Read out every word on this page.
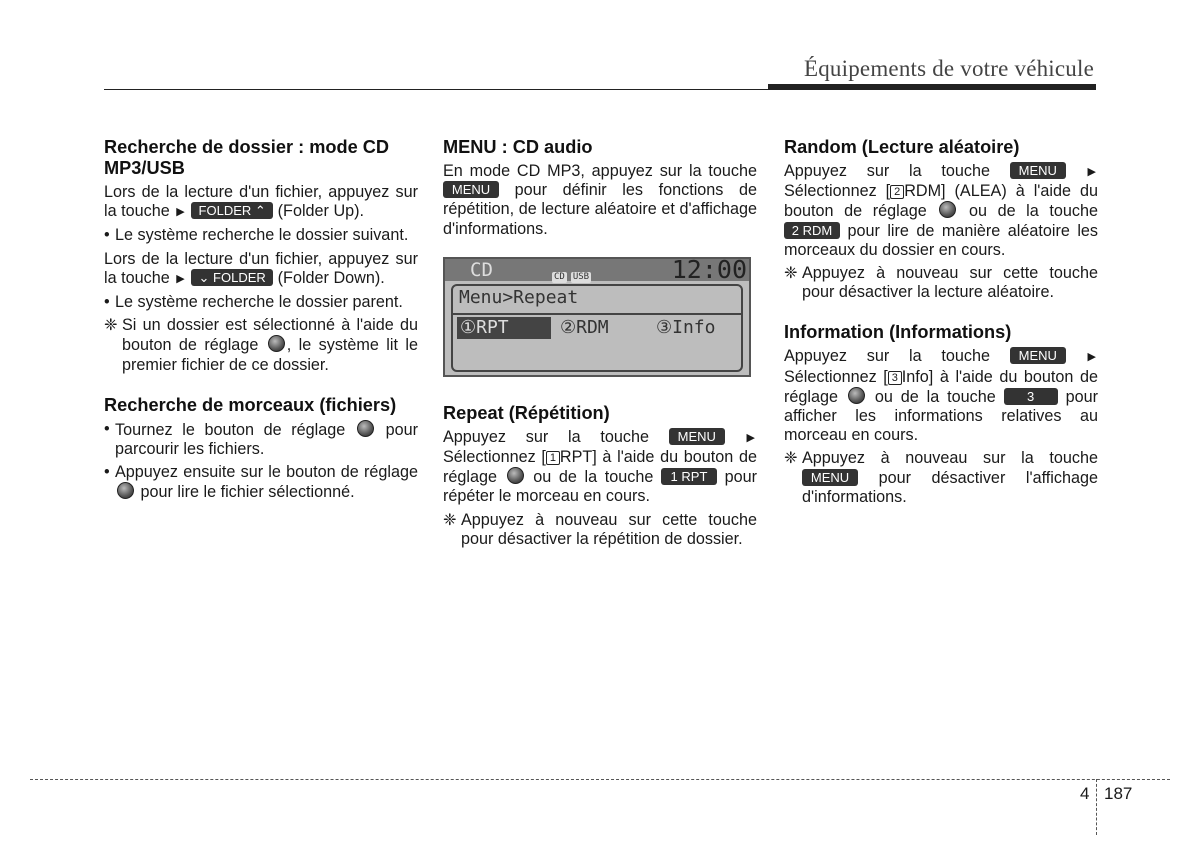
Équipements de votre véhicule
Recherche de dossier : mode CD MP3/USB

Lors de la lecture d'un fichier, appuyez sur la touche ▶ FOLDER ⌃ (Folder Up).

• Le système recherche le dossier suivant.

Lors de la lecture d'un fichier, appuyez sur la touche ▶ ⌄ FOLDER (Folder Down).

• Le système recherche le dossier parent.
❈ Si un dossier est sélectionné à l'aide du bouton de réglage , le système lit le premier fichier de ce dossier.
Recherche de morceaux (fichiers)
• Tournez le bouton de réglage pour parcourir les fichiers.
• Appuyez ensuite sur le bouton de réglage  pour lire le fichier sélectionné.
MENU : CD audio

En mode CD MP3, appuyez sur la touche MENU pour définir les fonctions de répétition, de lecture aléatoire et d'affichage d'informations.

CD	CD USB	12:00
Menu>Repeat
①RPT	②RDM	③Info
Repeat (Répétition)

Appuyez sur la touche MENU	▶ Sélectionnez [ 1 RPT] à l'aide du bouton de réglage ou de la touche 1 RPT pour répéter le morceau en cours.

❈ Appuyez à nouveau sur cette touche pour désactiver la répétition de dossier.
Random (Lecture aléatoire)

Appuyez sur la touche MENU	▶ Sélectionnez [ 2 RDM] (ALEA) à l'aide du bouton de réglage	ou de la touche 2 RDM pour lire de manière aléatoire les morceaux du dossier en cours.

❈ Appuyez à nouveau sur cette touche pour désactiver la lecture aléatoire.
Information (Informations)

Appuyez sur la touche MENU	▶ Sélectionnez [ 3 Info] à l'aide du bouton de réglage ou de la touche 3 pour afficher les informations relatives au morceau en cours.

❈ Appuyez à nouveau sur la touche MENU pour désactiver l'affichage d'informations.
4 187
